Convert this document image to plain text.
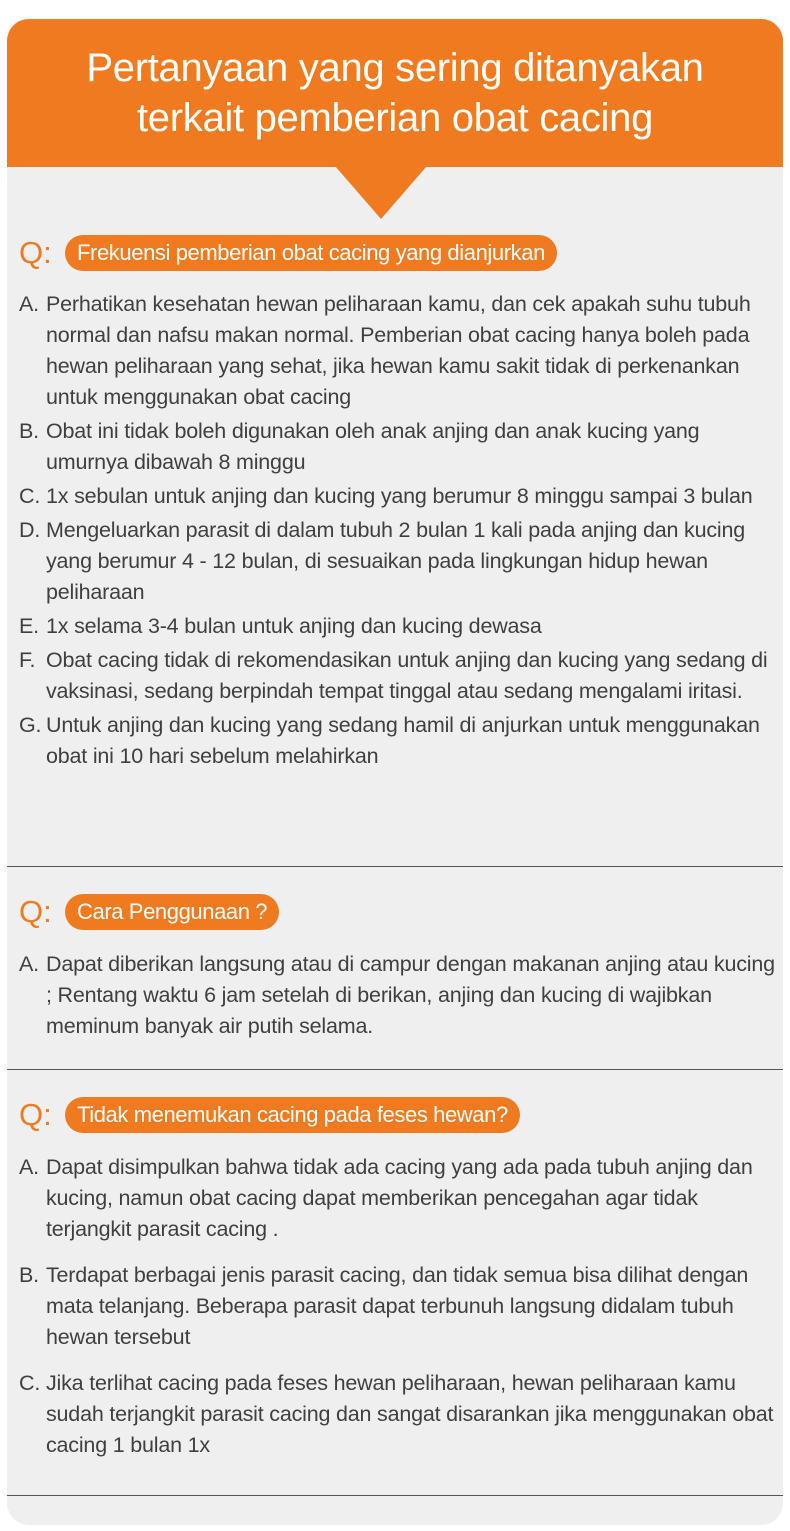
Pertanyaan yang sering ditanyakan
terkait pemberian obat cacing
Q:	Frekuensi pemberian obat cacing yang dianjurkan
A. Perhatikan kesehatan hewan peliharaan kamu, dan cek apakah suhu tubuh normal dan nafsu makan normal. Pemberian obat cacing hanya boleh pada hewan peliharaan yang sehat, jika hewan kamu sakit tidak di perkenankan untuk menggunakan obat cacing
B. Obat ini tidak boleh digunakan oleh anak anjing dan anak kucing yang umurnya dibawah 8 minggu
C. 1x sebulan untuk anjing dan kucing yang berumur 8 minggu sampai 3 bulan
D. Mengeluarkan parasit di dalam tubuh 2 bulan 1 kali pada anjing dan kucing yang berumur 4 - 12 bulan, di sesuaikan pada lingkungan hidup hewan peliharaan
E. 1x selama 3-4 bulan untuk anjing dan kucing dewasa
F. Obat cacing tidak di rekomendasikan untuk anjing dan kucing yang sedang di vaksinasi, sedang berpindah tempat tinggal atau sedang mengalami iritasi.
G. Untuk anjing dan kucing yang sedang hamil di anjurkan untuk menggunakan obat ini 10 hari sebelum melahirkan
Q:	Cara Penggunaan ?
A. Dapat diberikan langsung atau di campur dengan makanan anjing atau kucing ; Rentang waktu 6 jam setelah di berikan, anjing dan kucing di wajibkan meminum banyak air putih selama.
Q:	Tidak menemukan cacing pada feses hewan?
A. Dapat disimpulkan bahwa tidak ada cacing yang ada pada tubuh anjing dan kucing, namun obat cacing dapat memberikan pencegahan agar tidak terjangkit parasit cacing .
B. Terdapat berbagai jenis parasit cacing, dan tidak semua bisa dilihat dengan mata telanjang. Beberapa parasit dapat terbunuh langsung didalam tubuh hewan tersebut
C. Jika terlihat cacing pada feses hewan peliharaan, hewan peliharaan kamu sudah terjangkit parasit cacing dan sangat disarankan jika menggunakan obat cacing 1 bulan 1x
